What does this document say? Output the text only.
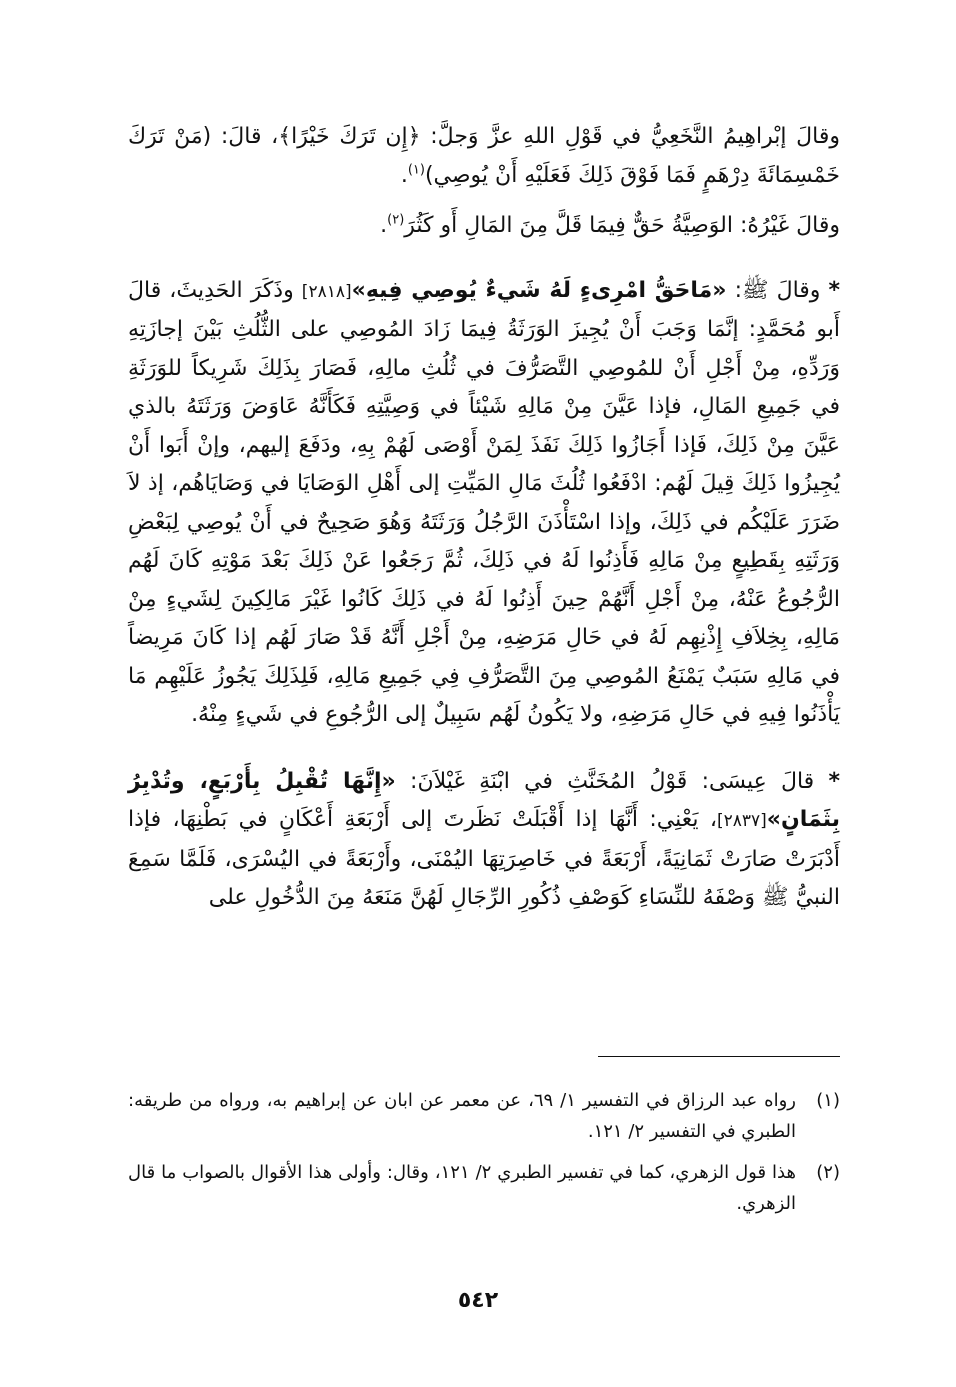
وقالَ إبْراهِيمُ النَّخَعِيُّ في قَوْلِ اللهِ عزَّ وَجلَّ: ﴿إِن تَرَكَ خَيْرًا﴾، قالَ: (مَنْ تَرَكَ خَمْسِمَائَةَ دِرْهَمٍ فَمَا فَوْقَ ذَلِكَ فَعَلَيْهِ أَنْ يُوصِي)$^{(١)}$.

وقالَ غَيْرُهُ: الوَصِيَّةُ حَقٌّ فِيمَا قَلَّ مِنَ المَالِ أَو كَثُرَ$^{(٢)}$.

* وقالَ ﷺ: «مَاحَقُّ امْرِىءٍ لَهُ شَيءٌ يُوصِي فِيهِ»[٢٨١٨] وذَكَرَ الحَدِيثَ، قالَ أَبو مُحَمَّدٍ: إنَّمَا وَجَبَ أَنْ يُجِيزَ الوَرَثَةُ فِيمَا زَادَ المُوصِي على الثُّلُثِ بَيْنَ إجازَتِهِ وَرَدِّهِ، مِنْ أَجْلِ أَنْ للمُوصِي التَّصَرُّفَ في ثُلُثِ مالِهِ، فَصَارَ بِذَلِكَ شَرِيكاً للوَرَثَةِ في جَمِيعِ المَالِ، فإذا عَيَّنَ مِنْ مَالِهِ شَيْئاً في وَصِيَّتِهِ فَكَأَنَّهُ عَاوَضَ وَرَثَتَهُ بالذي عَيَّنَ مِنْ ذَلِكَ، فَإذا أَجَازُوا ذَلِكَ نَفَذَ لِمَنْ أَوْصَى لَهُمْ بِهِ، ودَفَعَ إليهم، وإنْ أَبَوا أَنْ يُجِيزُوا ذَلِكَ قِيلَ لَهُم: ادْفَعُوا ثُلُثَ مَالِ المَيِّتِ إلى أَهْلِ الوَصَايَا في وَصَايَاهُم، إذ لاَ ضَرَرَ عَلَيْكُم في ذَلِكَ، وإذا اسْتَأْذَنَ الرَّجُلُ وَرَثَتَهُ وَهُوَ صَحِيحٌ في أَنْ يُوصِي لِبَعْضِ وَرَثَتِهِ بِقَطِيعٍ مِنْ مَالِهِ فَأَذِنُوا لَهُ في ذَلِكَ، ثُمَّ رَجَعُوا عَنْ ذَلِكَ بَعْدَ مَوْتِهِ كَانَ لَهُم الرُّجُوعُ عَنْهُ، مِنْ أَجْلِ أَنَّهُمْ حِينَ أَذِنُوا لَهُ في ذَلِكَ كَانُوا غَيْرَ مَالِكِينَ لِشَيءٍ مِنْ مَالِهِ، بِخِلاَفِ إِذْنِهِم لَهُ في حَالِ مَرَضِهِ، مِنْ أَجْلِ أَنَّهُ قَدْ صَارَ لَهُم إذا كَانَ مَرِيضاً في مَالِهِ سَبَبٌ يَمْنَعُ المُوصِي مِنَ التَّصَرُّفِ فِي جَمِيعِ مَالِهِ، فَلِذَلِكَ يَجُوزُ عَلَيْهِم مَا يَأْذَنُوا فِيهِ في حَالِ مَرَضِهِ، ولا يَكُونُ لَهُم سَبِيلٌ إلى الرُّجُوعِ في شَيءٍ مِنْهُ.

* قالَ عِيسَى: قَوْلُ المُخَنَّثِ في ابْنَةِ غَيْلاَنَ: «إِنَّهَا تُقْبِلُ بِأَرْبَعٍ، وتُدْبِرُ بِثَمَانٍ»[٢٨٣٧]، يَعْنِي: أَنَّهَا إذا أَقْبَلَتْ نَظَرتَ إلى أَرْبَعَةِ أَعْكَانٍ في بَطْنِهَا، فإذا أَدْبَرَتْ صَارَتْ ثَمَانِيَةً، أَرْبَعَةً في خَاصِرَتِهَا اليُمْنَى، وأَرْبَعَةً في اليُسْرَى، فَلَمَّا سَمِعَ النبيُّ ﷺ وَصْفَهُ للنِّسَاءِ كَوَصْفِ ذُكُورِ الرِّجَالِ لَهُنَّ مَنَعَهُ مِنَ الدُّخُولِ على

(١)
رواه عبد الرزاق في التفسير ١/ ٦٩، عن معمر عن ابان عن إبراهيم به، ورواه من طريقه: الطبري في التفسير ٢/ ١٢١.
(٢)
هذا قول الزهري، كما في تفسير الطبري ٢/ ١٢١، وقال: وأولى هذا الأقوال بالصواب ما قال الزهري.
٥٤٢
